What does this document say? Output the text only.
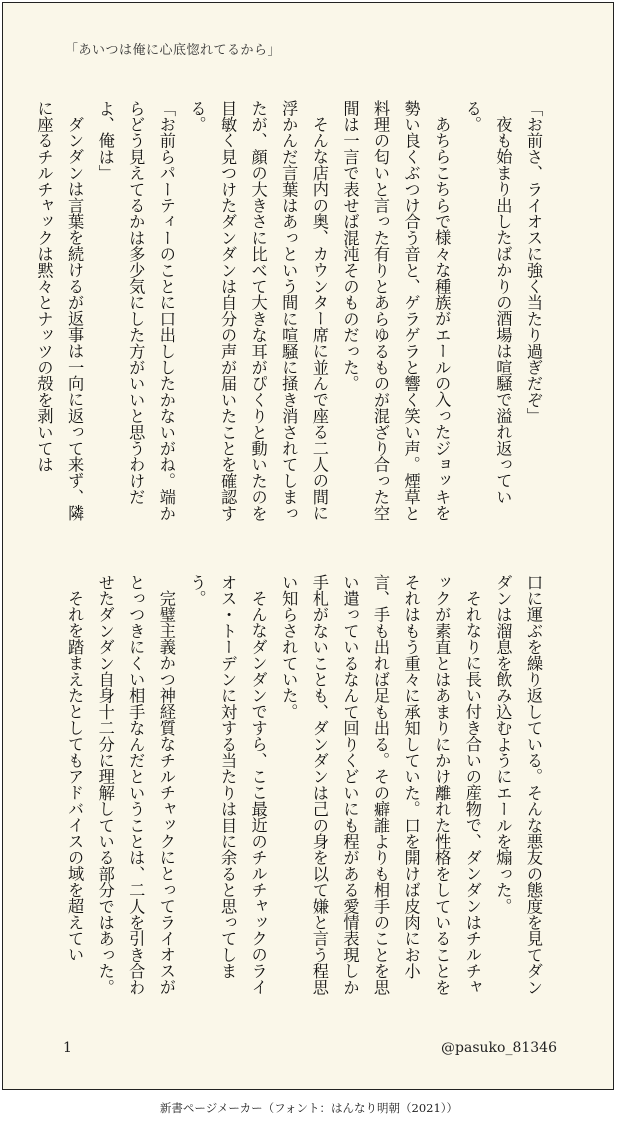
「あいつは俺に心底惚れてるから」

「お前さ、ライオスに強く当たり過ぎだぞ」

夜も始まり出したばかりの酒場は喧騒で溢れ返っている。

あちらこちらで様々な種族がエールの入ったジョッキを勢い良くぶつけ合う音と、ゲラゲラと響く笑い声。煙草と料理の匂いと言った有りとあらゆるものが混ざり合った空間は一言で表せば混沌そのものだった。

そんな店内の奥、カウンター席に並んで座る二人の間に浮かんだ言葉はあっという間に喧騒に掻き消されてしまったが、顔の大きさに比べて大きな耳がぴくりと動いたのを目敏く見つけたダンダンは自分の声が届いたことを確認する。

「お前らパーティーのことに口出ししたかないがね。端からどう見えてるかは多少気にした方がいいと思うわけだよ、俺は」

ダンダンは言葉を続けるが返事は一向に返って来ず、隣に座るチルチャックは黙々とナッツの殻を剥いては

口に運ぶを繰り返している。そんな悪友の態度を見てダンダンは溜息を飲み込むようにエールを煽った。

それなりに長い付き合いの産物で、ダンダンはチルチャックが素直とはあまりにかけ離れた性格をしていることをそれはもう重々に承知していた。口を開けば皮肉にお小言、手も出れば足も出る。その癖誰よりも相手のことを思い遣っているなんて回りくどいにも程がある愛情表現しか手札がないことも、ダンダンは己の身を以て嫌と言う程思い知らされていた。

そんなダンダンですら、ここ最近のチルチャックのライオス・トーデンに対する当たりは目に余ると思ってしまう。

完璧主義かつ神経質なチルチャックにとってライオスがとっつきにくい相手なんだということは、二人を引き合わせたダンダン自身十二分に理解している部分ではあった。

それを踏まえたとしてもアドバイスの域を超えてい

1	@pasuko_81346
新書ページメーカー（フォント：はんなり明朝（2021））
